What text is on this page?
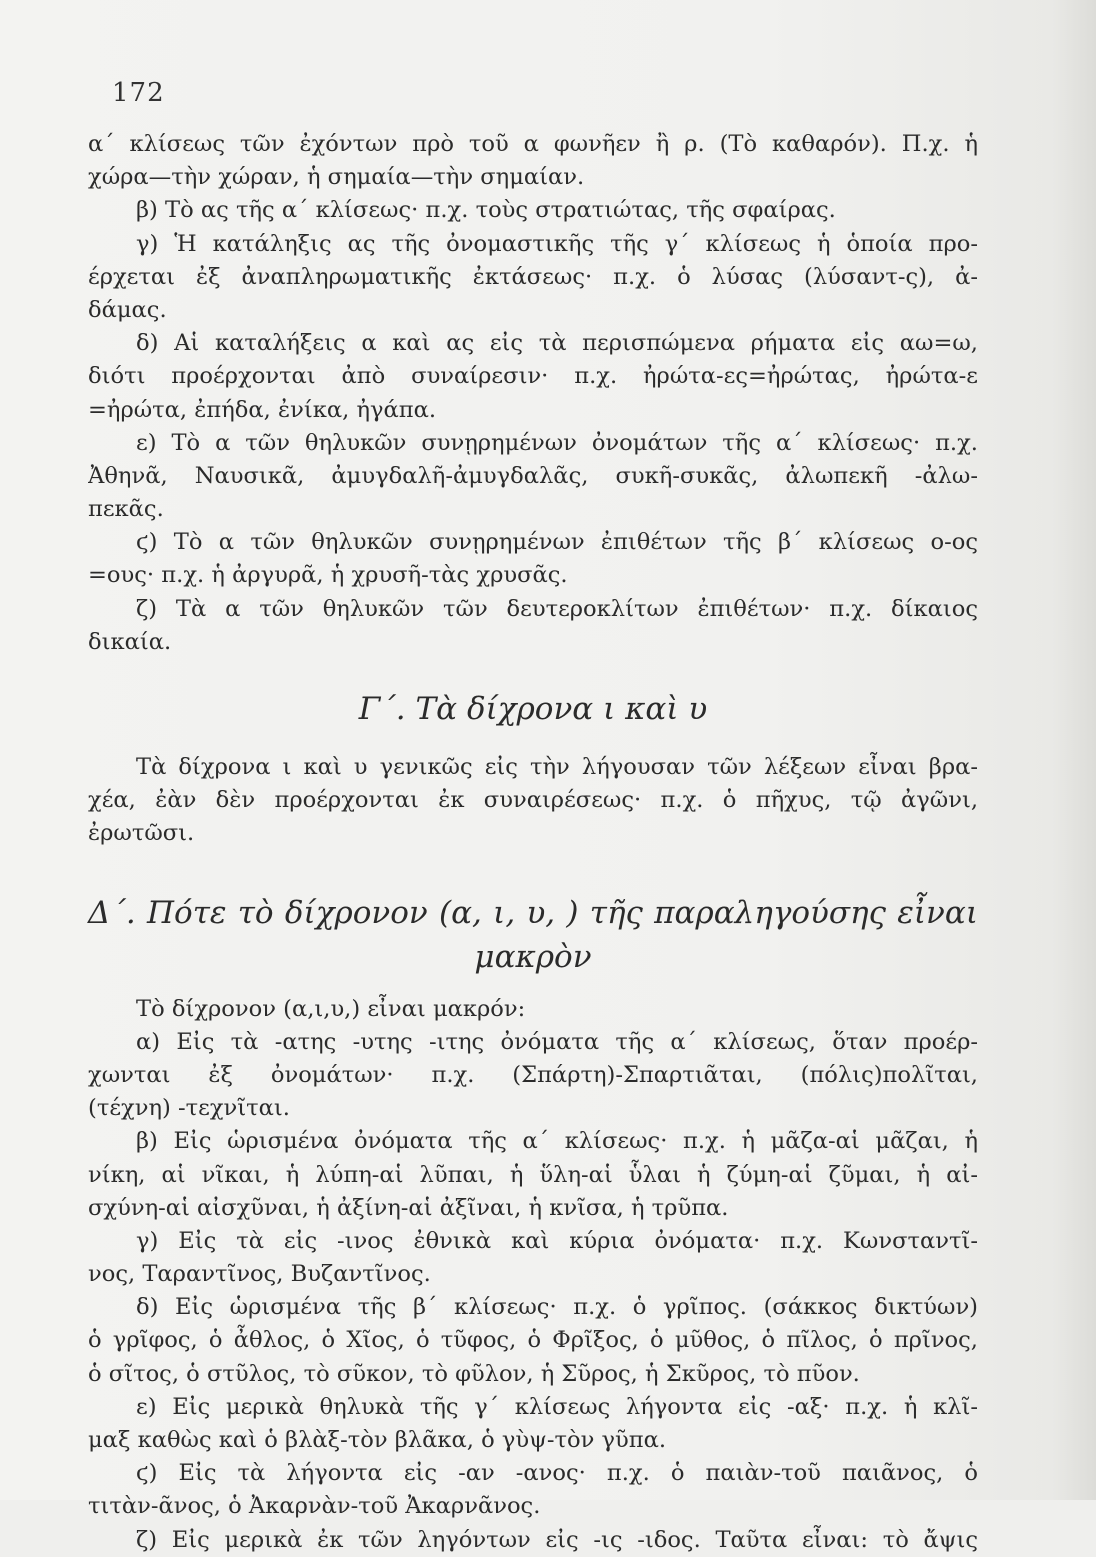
172
α΄ κλίσεως τῶν ἐχόντων πρὸ τοῦ α φωνῆεν ἢ ρ. (Τὸ καθαρόν). Π.χ. ἡ
χώρα—τὴν χώραν, ἡ σημαία—τὴν σημαίαν.
β) Τὸ ας τῆς α΄ κλίσεως· π.χ. τοὺς στρατιώτας, τῆς σφαίρας.
γ) Ἡ κατάληξις ας τῆς ὀνομαστικῆς τῆς γ΄ κλίσεως ἡ ὁποία προ-
έρχεται ἐξ ἀναπληρωματικῆς ἐκτάσεως· π.χ. ὁ λύσας (λύσαντ-ς), ἀ-
δάμας.
δ) Αἱ καταλήξεις α καὶ ας εἰς τὰ περισπώμενα ρήματα εἰς αω=ω,
διότι προέρχονται ἀπὸ συναίρεσιν· π.χ. ἠρώτα-ες=ἠρώτας, ἠρώτα-ε
=ἠρώτα, ἐπήδα, ἐνίκα, ἠγάπα.
ε) Τὸ α τῶν θηλυκῶν συνῃρημένων ὀνομάτων τῆς α΄ κλίσεως· π.χ.
Ἀθηνᾶ, Ναυσικᾶ, ἀμυγδαλῆ-ἀμυγδαλᾶς, συκῆ-συκᾶς, ἀλωπεκῆ -ἀλω-
πεκᾶς.
ϛ) Τὸ α τῶν θηλυκῶν συνῃρημένων ἐπιθέτων τῆς β΄ κλίσεως ο-ος
=ους· π.χ. ἡ ἀργυρᾶ, ἡ χρυσῆ-τὰς χρυσᾶς.
ζ) Τὰ α τῶν θηλυκῶν τῶν δευτεροκλίτων ἐπιθέτων· π.χ. δίκαιος
δικαία.
Γ΄. Τὰ δίχρονα ι καὶ υ
Τὰ δίχρονα ι καὶ υ γενικῶς εἰς τὴν λήγουσαν τῶν λέξεων εἶναι βρα-
χέα, ἐὰν δὲν προέρχονται ἐκ συναιρέσεως· π.χ. ὁ πῆχυς, τῷ ἀγῶνι,
ἐρωτῶσι.
Δ΄. Πότε τὸ δίχρονον (α, ι, υ, ) τῆς παραληγούσης εἶναι
μακρὸν
Τὸ δίχρονον (α,ι,υ,) εἶναι μακρόν:
α) Εἰς τὰ -ατης -υτης -ιτης ὀνόματα τῆς α΄ κλίσεως, ὅταν προέρ-
χωνται ἐξ ὀνομάτων· π.χ. (Σπάρτη)-Σπαρτιᾶται, (πόλις)πολῖται,
(τέχνη) -τεχνῖται.
β) Εἰς ὡρισμένα ὀνόματα τῆς α΄ κλίσεως· π.χ. ἡ μᾶζα-αἱ μᾶζαι, ἡ
νίκη, αἱ νῖκαι, ἡ λύπη-αἱ λῦπαι, ἡ ὕλη-αἱ ὗλαι ἡ ζύμη-αἱ ζῦμαι, ἡ αἰ-
σχύνη-αἱ αἰσχῦναι, ἡ ἀξίνη-αἱ ἀξῖναι, ἡ κνῖσα, ἡ τρῦπα.
γ) Εἰς τὰ εἰς -ινος ἐθνικὰ καὶ κύρια ὀνόματα· π.χ. Κωνσταντῖ-
νος, Ταραντῖνος, Βυζαντῖνος.
δ) Εἰς ὡρισμένα τῆς β΄ κλίσεως· π.χ. ὁ γρῖπος. (σάκκος δικτύων)
ὁ γρῖφος, ὁ ἆθλος, ὁ Χῖος, ὁ τῦφος, ὁ Φρῖξος, ὁ μῦθος, ὁ πῖλος, ὁ πρῖνος,
ὁ σῖτος, ὁ στῦλος, τὸ σῦκον, τὸ φῦλον, ἡ Σῦρος, ἡ Σκῦρος, τὸ πῦον.
ε) Εἰς μερικὰ θηλυκὰ τῆς γ΄ κλίσεως λήγοντα εἰς -αξ· π.χ. ἡ κλῖ-
μαξ καθὼς καὶ ὁ βλὰξ-τὸν βλᾶκα, ὁ γὺψ-τὸν γῦπα.
ϛ) Εἰς τὰ λήγοντα εἰς -αν -ανος· π.χ. ὁ παιὰν-τοῦ παιᾶνος, ὁ
τιτὰν-ᾶνος, ὁ Ἀκαρνὰν-τοῦ Ἀκαρνᾶνος.
ζ) Εἰς μερικὰ ἐκ τῶν ληγόντων εἰς -ις -ιδος. Ταῦτα εἶναι: τὸ ἄψις
